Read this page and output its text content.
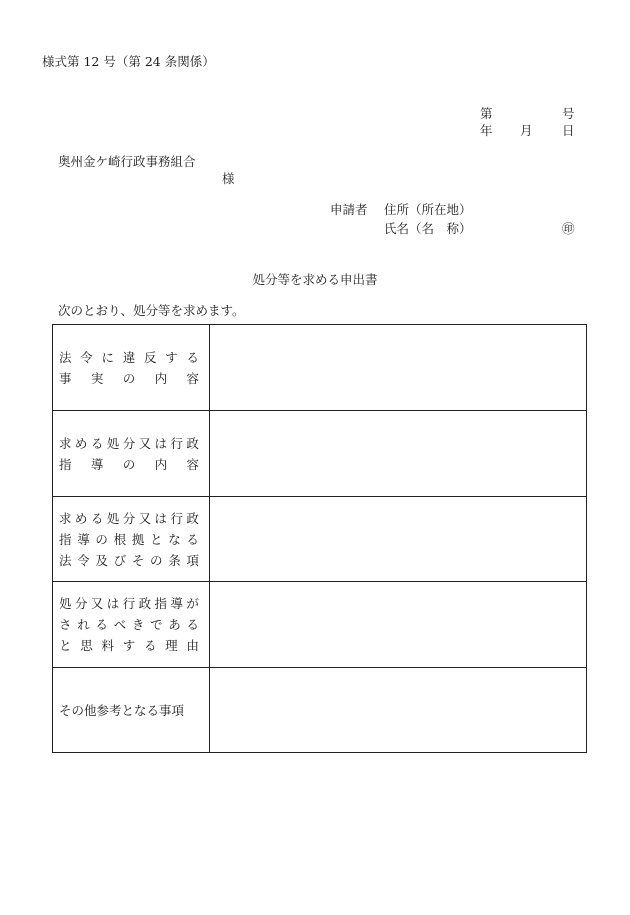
様式第 12 号（第 24 条関係）
第	号
年 月 日
奥州金ケ崎行政事務組合
様
申請者 住所（所在地）
氏名（名　称）	㊞
処分等を求める申出書
次のとおり、処分等を求めます。
法 令 に 違 反 す る
事 実 の 内 容
求 め る 処 分 又 は 行 政
指 導 の 内 容
求 め る 処 分 又 は 行 政
指 導 の 根 拠 と な る
法 令 及 び そ の 条 項
処 分 又 は 行 政 指 導 が
さ れ る べ き で あ る
と 思 料 す る 理 由
その他参考となる事項
